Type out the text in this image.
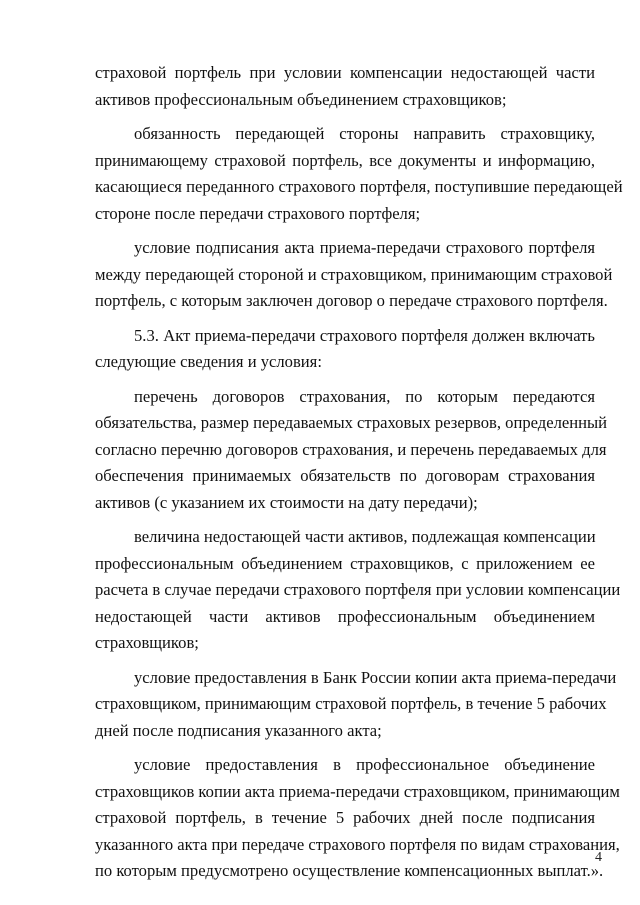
страховой портфель при условии компенсации недостающей части
активов профессиональным объединением страховщиков;
обязанность передающей стороны направить страховщику,
принимающему страховой портфель, все документы и информацию,
касающиеся переданного страхового портфеля, поступившие передающей
стороне после передачи страхового портфеля;
условие подписания акта приема-передачи страхового портфеля
между передающей стороной и страховщиком, принимающим страховой
портфель, с которым заключен договор о передаче страхового портфеля.
5.3. Акт приема-передачи страхового портфеля должен включать
следующие сведения и условия:
перечень договоров страхования, по которым передаются
обязательства, размер передаваемых страховых резервов, определенный
согласно перечню договоров страхования, и перечень передаваемых для
обеспечения принимаемых обязательств по договорам страхования
активов (с указанием их стоимости на дату передачи);
величина недостающей части активов, подлежащая компенсации
профессиональным объединением страховщиков, с приложением ее
расчета в случае передачи страхового портфеля при условии компенсации
недостающей части активов профессиональным объединением
страховщиков;
условие предоставления в Банк России копии акта приема-передачи
страховщиком, принимающим страховой портфель, в течение 5 рабочих
дней после подписания указанного акта;
условие предоставления в профессиональное объединение
страховщиков копии акта приема-передачи страховщиком, принимающим
страховой портфель, в течение 5 рабочих дней после подписания
указанного акта при передаче страхового портфеля по видам страхования,
по которым предусмотрено осуществление компенсационных выплат.».
4
